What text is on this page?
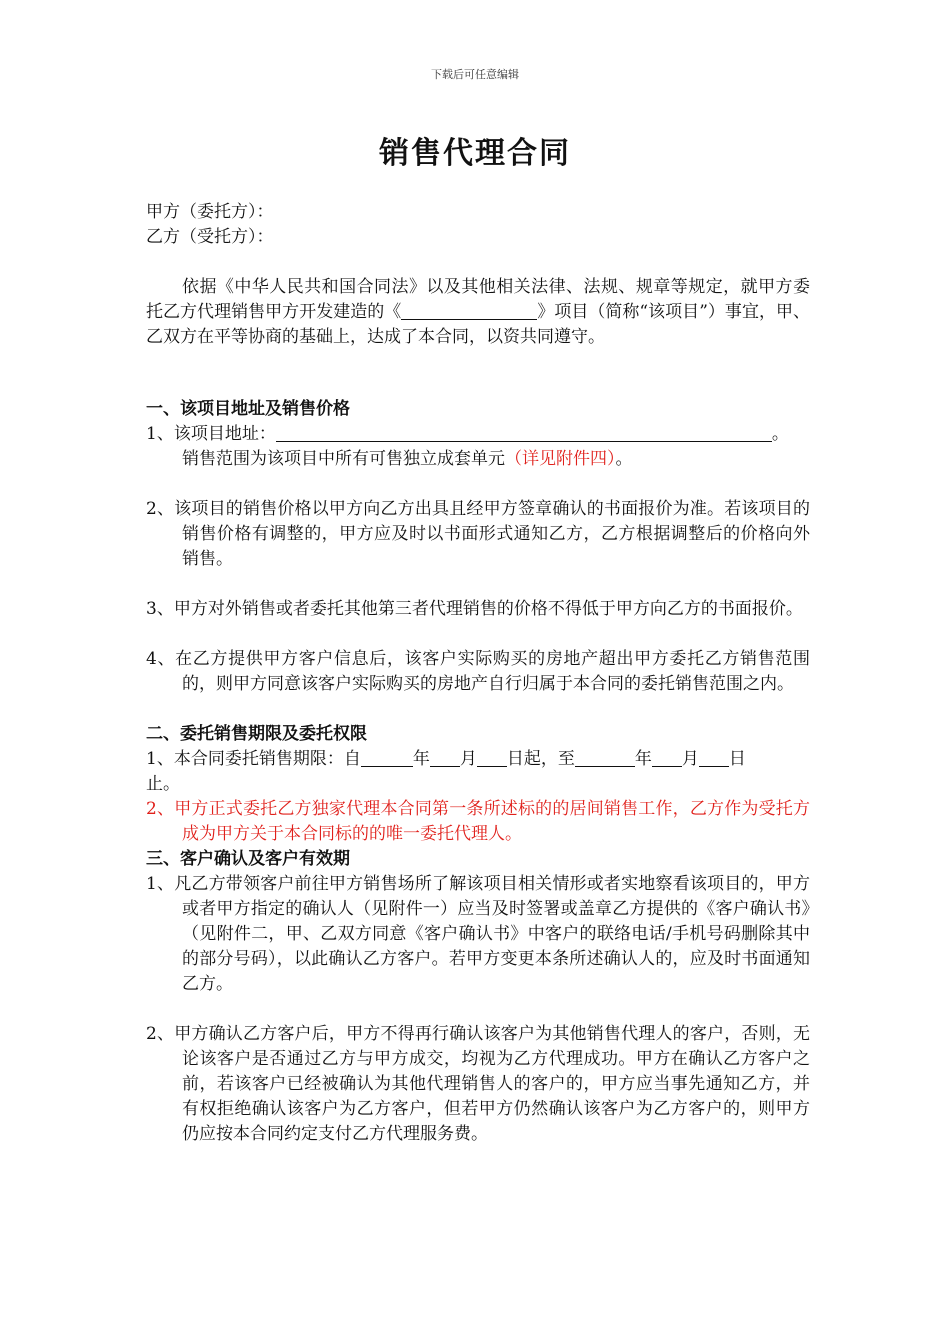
下载后可任意编辑
销售代理合同

甲方（委托方）：

乙方（受托方）：

依据《中华人民共和国合同法》以及其他相关法律、法规、规章等规定，就甲方委托乙方代理销售甲方开发建造的《	》项目（简称“该项目”）事宜，甲、乙双方在平等协商的基础上，达成了本合同，以资共同遵守。

一、该项目地址及销售价格

1、该项目地址：	。

销售范围为该项目中所有可售独立成套单元（详见附件四）。

2、该项目的销售价格以甲方向乙方出具且经甲方签章确认的书面报价为准。若该项目的销售价格有调整的，甲方应及时以书面形式通知乙方，乙方根据调整后的价格向外销售。

3、甲方对外销售或者委托其他第三者代理销售的价格不得低于甲方向乙方的书面报价。

4、在乙方提供甲方客户信息后，该客户实际购买的房地产超出甲方委托乙方销售范围的，则甲方同意该客户实际购买的房地产自行归属于本合同的委托销售范围之内。

二、委托销售期限及委托权限

1、本合同委托销售期限：自	年 月 日起，至	年 月 日

止。

2、甲方正式委托乙方独家代理本合同第一条所述标的的居间销售工作，乙方作为受托方成为甲方关于本合同标的的唯一委托代理人。

三、客户确认及客户有效期

1、凡乙方带领客户前往甲方销售场所了解该项目相关情形或者实地察看该项目的，甲方或者甲方指定的确认人（见附件一）应当及时签署或盖章乙方提供的《客户确认书》（见附件二，甲、乙双方同意《客户确认书》中客户的联络电话/手机号码删除其中的部分号码），以此确认乙方客户。若甲方变更本条所述确认人的，应及时书面通知乙方。

2、甲方确认乙方客户后，甲方不得再行确认该客户为其他销售代理人的客户，否则，无论该客户是否通过乙方与甲方成交，均视为乙方代理成功。甲方在确认乙方客户之前，若该客户已经被确认为其他代理销售人的客户的，甲方应当事先通知乙方，并有权拒绝确认该客户为乙方客户，但若甲方仍然确认该客户为乙方客户的，则甲方仍应按本合同约定支付乙方代理服务费。
